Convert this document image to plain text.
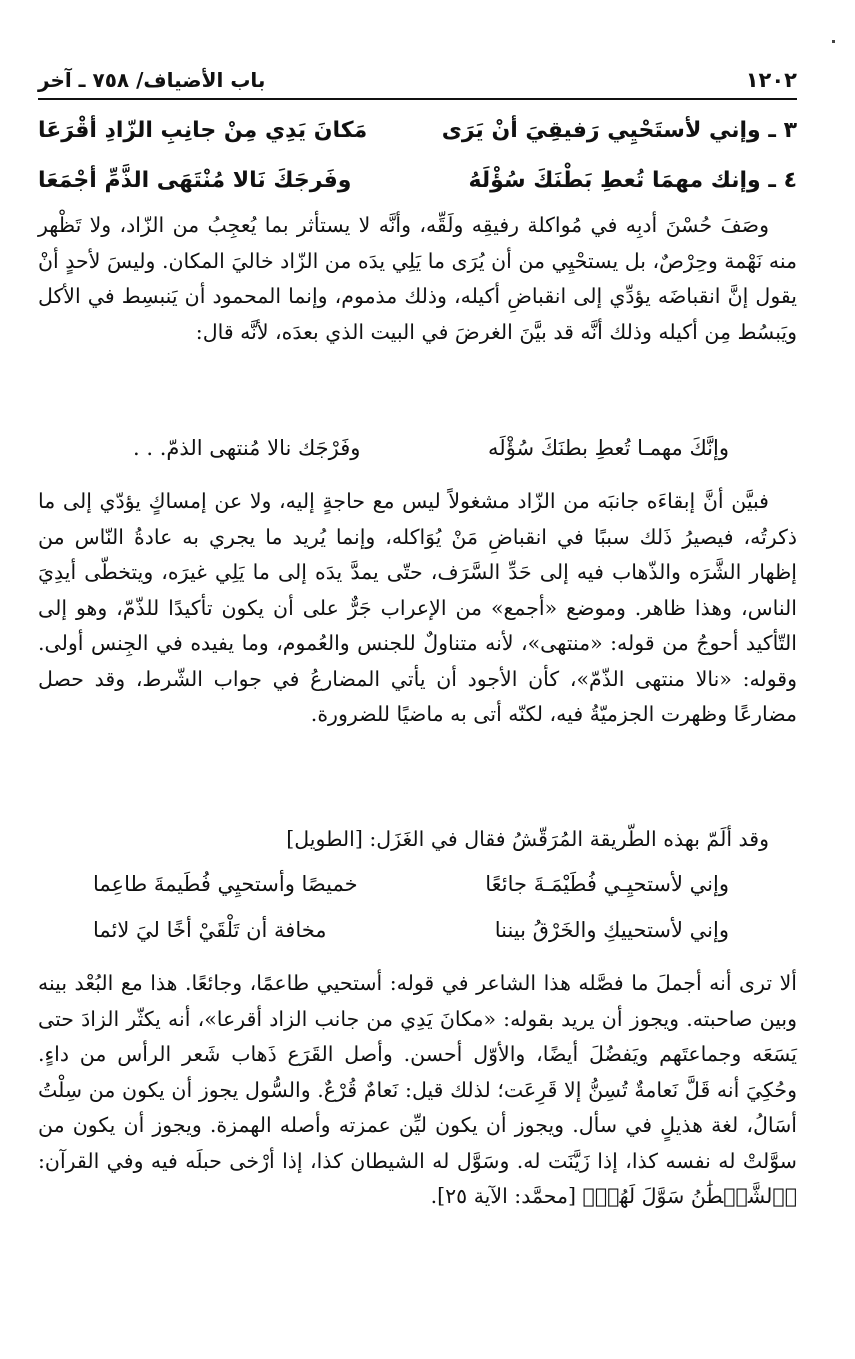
١٢٠٢
باب الأضياف/ ٧٥٨ ـ آخر
٣ ـ وإني لأستَحْيِي رَفيقِيَ أنْ يَرَى
مَكانَ يَدِي مِنْ جانِبِ الزّادِ أقْرَعَا
٤ ـ وإنك مهمَا تُعطِ بَطْنَكَ سُؤْلَهُ
وفَرجَكَ نَالا مُنْتَهَى الذَّمِّ أجْمَعَا

وصَفَ حُسْنَ أدبِه في مُواكلة رفيقِه ولَقِّه، وأنَّه لا يستأثر بما يُعجِبُ من الزّاد، ولا تَظْهر منه نَهْمة وحِرْصٌ، بل يستحْيِي من أن يُرَى ما يَلِي يدَه من الزّاد خاليَ المكان. وليسَ لأحدٍ أنْ يقول إنَّ انقباضَه يؤدِّي إلى انقباضِ أكيله، وذلك مذموم، وإنما المحمود أن يَنبسِط في الأكل ويَبسُط مِن أكيله وذلك أنَّه قد بيَّنَ الغرضَ في البيت الذي بعدَه، لأنَّه قال:

وإنَّكَ مهمـا تُعطِ بطنَكَ سُؤْلَه
وفَرْجَك نالا مُنتهى الذمّ. . .

فبيَّن أنَّ إبقاءَه جانبَه من الزّاد مشغولاً ليس مع حاجةٍ إليه، ولا عن إمساكٍ يؤدّي إلى ما ذكرتُه، فيصيرُ ذَلك سببًا في انقباضِ مَنْ يُوَاكله، وإنما يُريد ما يجري به عادةُ النّاس من إظهار الشَّرَه والذّهاب فيه إلى حَدِّ السَّرَف، حتّى يمدَّ يدَه إلى ما يَلِي غيرَه، ويتخطّى أيدِيَ الناس، وهذا ظاهر. وموضع «أجمع» من الإعراب جَرٌّ على أن يكون تأكيدًا للذّمّ، وهو إلى التّأكيد أحوجُ من قوله: «منتهى»، لأنه متناولٌ للجنس والعُموم، وما يفيده في الجِنس أولى. وقوله: «نالا منتهى الذّمّ»، كأن الأجود أن يأتي المضارعُ في جواب الشّرط، وقد حصل مضارعًا وظهرت الجزميّةُ فيه، لكنّه أتى به ماضيًا للضرورة.

وقد ألَمّ بهذه الطّريقة المُرَقّشُ فقال في الغَزَل: [الطويل]

وإني لأستحيِـي فُطَيْمَـةَ جائعًا
خميصًا وأستحيِي فُطَيمةَ طاعِما
وإني لأستحييكِ والخَرْقُ بيننا
مخافة أن تَلْقَيْ أخًا ليَ لائما

ألا ترى أنه أجملَ ما فصَّله هذا الشاعر في قوله: أستحيي طاعمًا، وجائعًا. هذا مع البُعْد بينه وبين صاحبته. ويجوز أن يريد بقوله: «مكانَ يَدِي من جانب الزاد أقرعا»، أنه يكثّر الزادَ حتى يَسَعَه وجماعتَهم ويَفضُلَ أيضًا، والأوّل أحسن. وأصل القَرَع ذَهاب شَعر الرأس من داءٍ. وحُكِيَ أنه قَلَّ نَعامةٌ تُسِنُّ إلا قَرِعَت؛ لذلك قيل: نَعامٌ قُرْعٌ. والسُّول يجوز أن يكون من سِلْتُ أسَالُ، لغة هذيلٍ في سأل. ويجوز أن يكون ليِّن عمزته وأصله الهمزة. ويجوز أن يكون من سوَّلتْ له نفسه كذا، إذا زَيَّنَت له. وسَوَّل له الشيطان كذا، إذا أرْخى حبلَه فيه وفي القرآن: ﴿ٱلشَّيۡطَٰنُ سَوَّلَ لَهُمۡ﴾ [محمَّد: الآية ٢٥].
